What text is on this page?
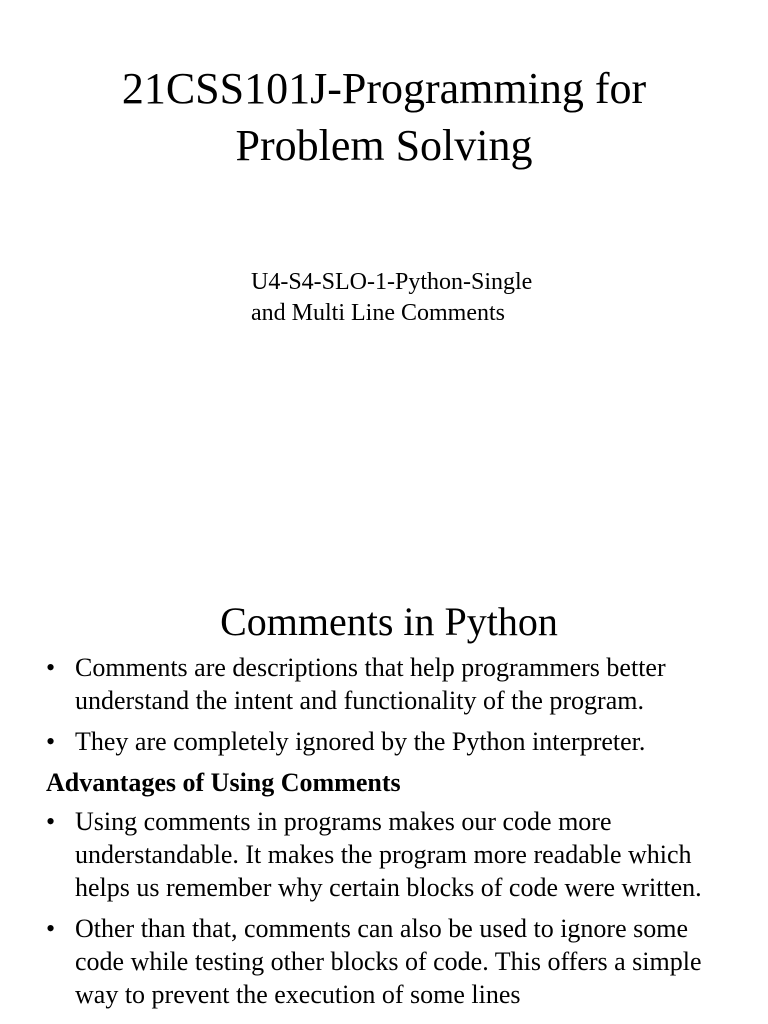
21CSS101J-Programming for
Problem Solving

U4-S4-SLO-1-Python-Single
and Multi Line Comments

Comments in Python
• Comments are descriptions that help programmers better understand the intent and functionality of the program.
• They are completely ignored by the Python interpreter.

Advantages of Using Comments

• Using comments in programs makes our code more understandable. It makes the program more readable which helps us remember why certain blocks of code were written.
• Other than that, comments can also be used to ignore some code while testing other blocks of code. This offers a simple way to prevent the execution of some lines
